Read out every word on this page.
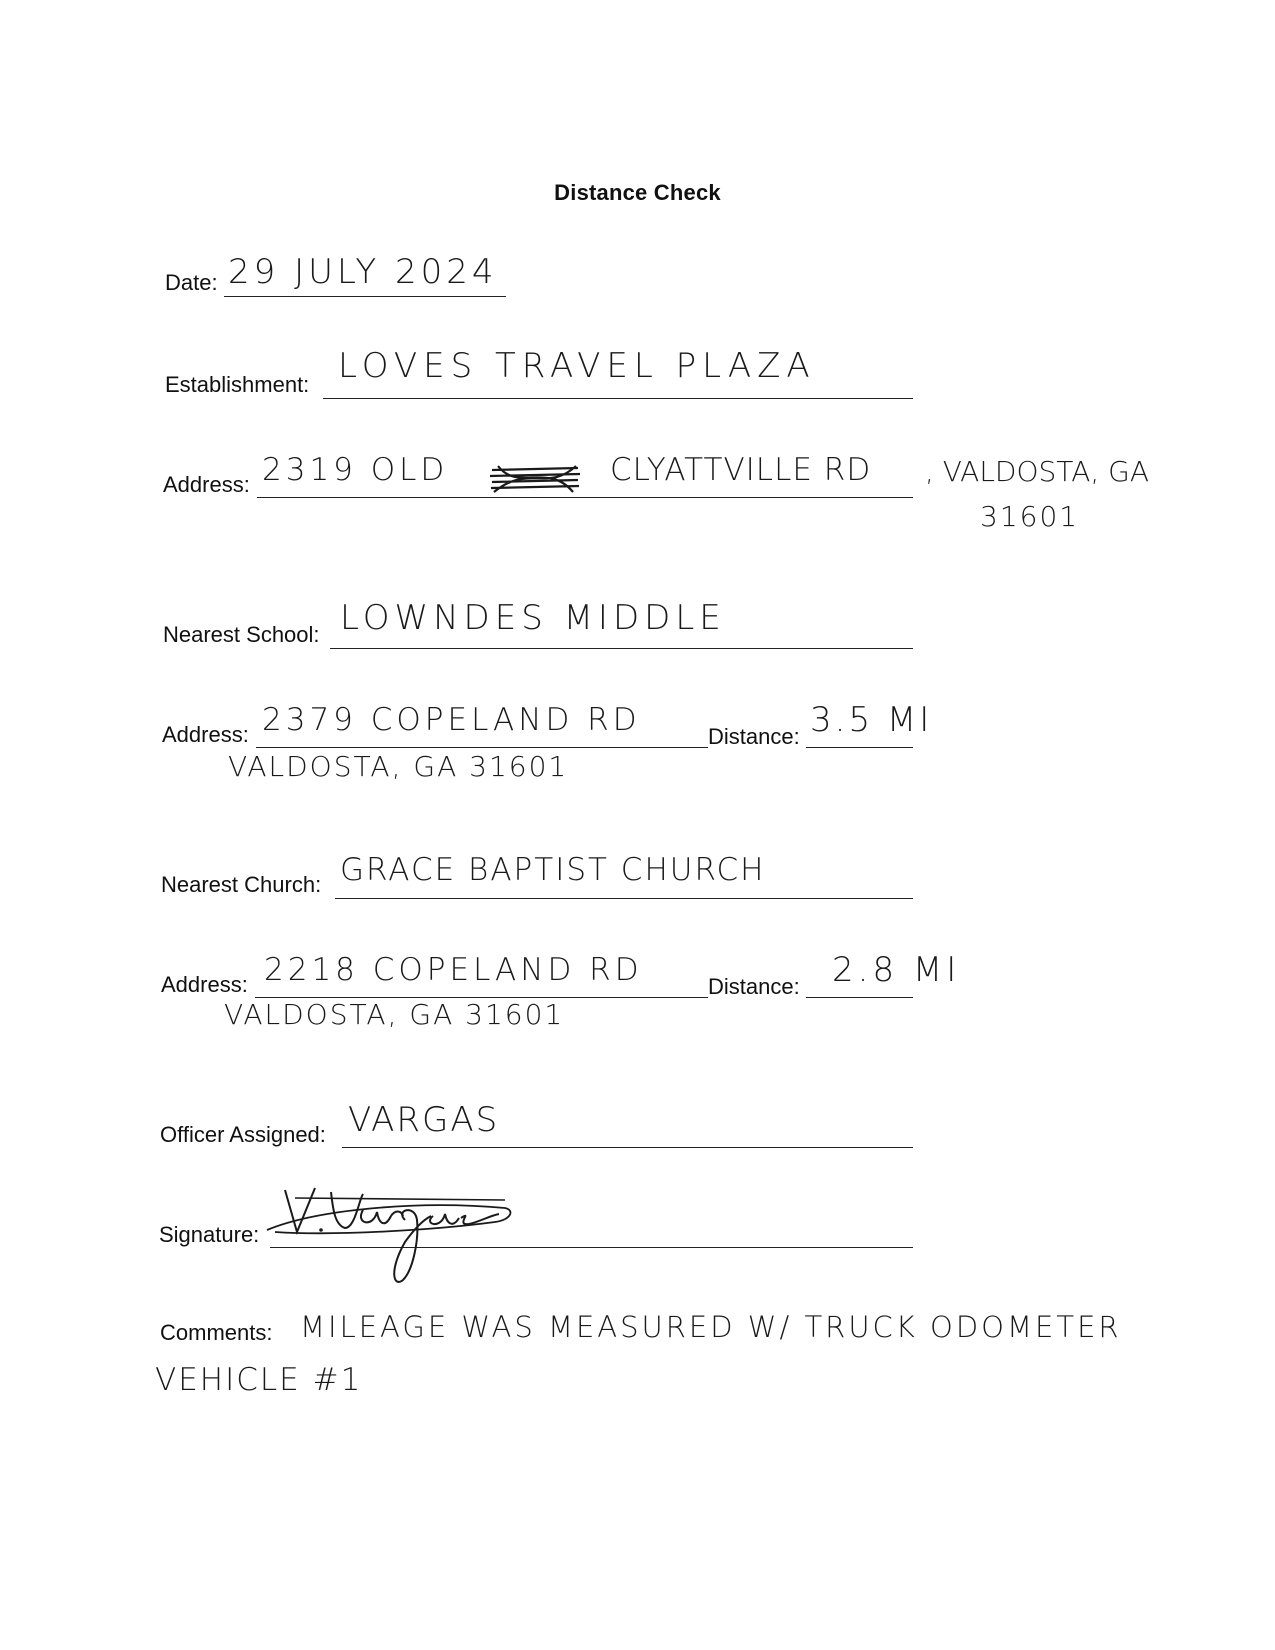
Distance Check
Date: 29 JULY 2024
Establishment: LOVES TRAVEL PLAZA
Address: 2319 OLD	CLYATTVILLE RD , VALDOSTA, GA
31601
Nearest School: LOWNDES MIDDLE
Address: 2379 COPELAND RD
VALDOSTA, GA 31601
Distance: 3.5 MI
Nearest Church: GRACE BAPTIST CHURCH
Address: 2218 COPELAND RD
VALDOSTA, GA 31601
Distance: 2.8 MI
Officer Assigned: VARGAS
Signature:
Comments: MILEAGE WAS MEASURED W/ TRUCK ODOMETER
VEHICLE #1
